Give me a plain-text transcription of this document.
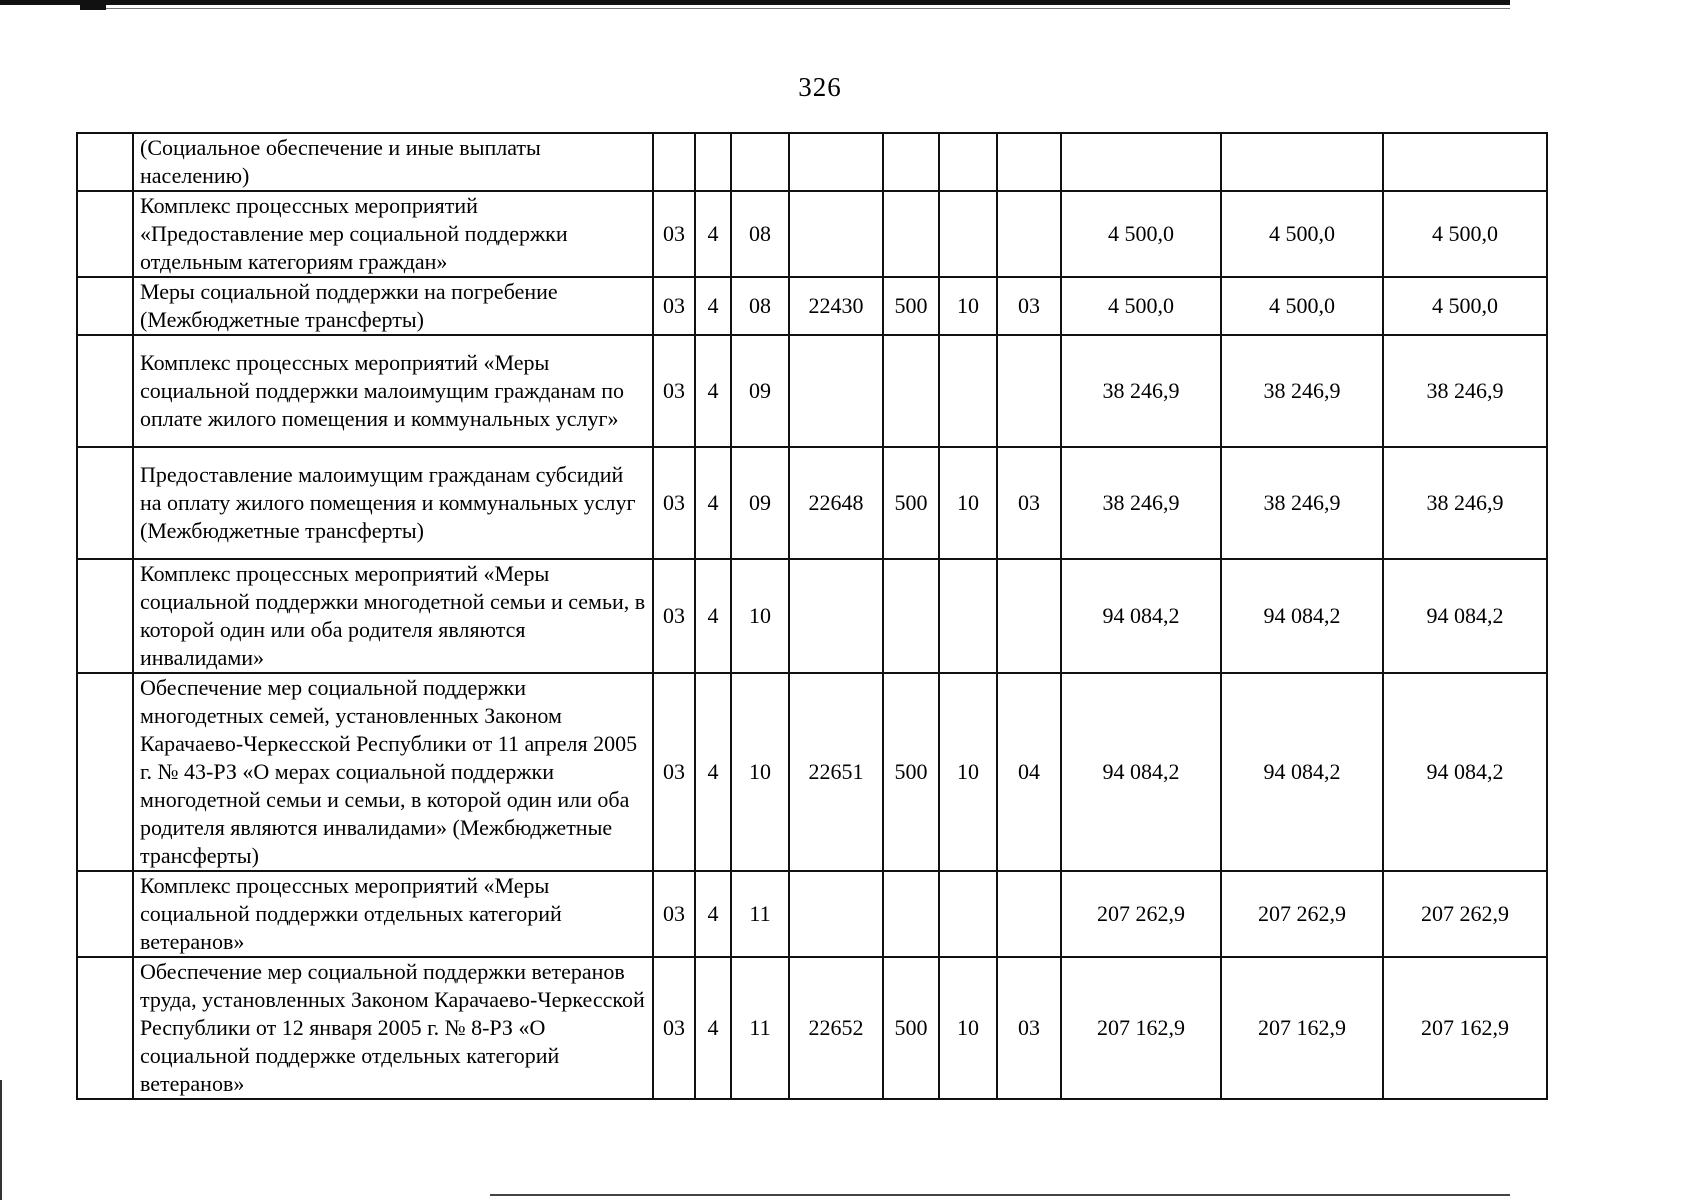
326
	(Социальное обеспечение и иные выплаты населению)										
	Комплекс процессных мероприятий «Предоставление мер социальной поддержки отдельным категориям граждан»	03	4	08					4 500,0	4 500,0	4 500,0
	Меры социальной поддержки на погребение (Межбюджетные трансферты)	03	4	08	22430	500	10	03	4 500,0	4 500,0	4 500,0
	Комплекс процессных мероприятий «Меры социальной поддержки малоимущим гражданам по оплате жилого помещения и коммунальных услуг»	03	4	09					38 246,9	38 246,9	38 246,9
	Предоставление малоимущим гражданам субсидий на оплату жилого помещения и коммунальных услуг (Межбюджетные трансферты)	03	4	09	22648	500	10	03	38 246,9	38 246,9	38 246,9
	Комплекс процессных мероприятий «Меры социальной поддержки многодетной семьи и семьи, в которой один или оба родителя являются инвалидами»	03	4	10					94 084,2	94 084,2	94 084,2
	Обеспечение мер социальной поддержки многодетных семей, установленных Законом Карачаево-Черкесской Республики от 11 апреля 2005 г. № 43-РЗ «О мерах социальной поддержки многодетной семьи и семьи, в которой один или оба родителя являются инвалидами» (Межбюджетные трансферты)	03	4	10	22651	500	10	04	94 084,2	94 084,2	94 084,2
	Комплекс процессных мероприятий «Меры социальной поддержки отдельных категорий ветеранов»	03	4	11					207 262,9	207 262,9	207 262,9
	Обеспечение мер социальной поддержки ветеранов труда, установленных Законом Карачаево-Черкесской Республики от 12 января 2005 г. № 8-РЗ «О социальной поддержке отдельных категорий ветеранов»	03	4	11	22652	500	10	03	207 162,9	207 162,9	207 162,9
